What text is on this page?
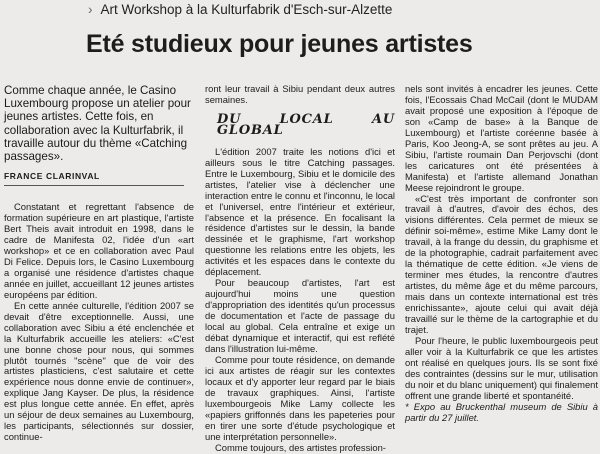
› Art Workshop à la Kulturfabrik d'Esch-sur-Alzette
Eté studieux pour jeunes artistes

Comme chaque année, le Casino Luxembourg propose un atelier pour jeunes artistes. Cette fois, en collaboration avec la Kulturfabrik, il travaille autour du thème «Catching passages».

FRANCE CLARINVAL

Constatant et regrettant l'absence de formation supérieure en art plastique, l'artiste Bert Theis avait introduit en 1998, dans le cadre de Manifesta 02, l'idée d'un «art workshop» et ce en collaboration avec Paul Di Felice. Depuis lors, le Casino Luxembourg a organisé une résidence d'artistes chaque année en juillet, accueillant 12 jeunes artistes européens par édition.

En cette année culturelle, l'édition 2007 se devait d'être exceptionnelle. Aussi, une collaboration avec Sibiu a été enclenchée et la Kulturfabrik accueille les ateliers: «C'est une bonne chose pour nous, qui sommes plutôt tournés "scène" que de voir des artistes plasticiens, c'est salutaire et cette expérience nous donne envie de continuer», explique Jang Kayser. De plus, la résidence est plus longue cette année. En effet, après un séjour de deux semaines au Luxembourg, les participants, sélectionnés sur dossier, continue-

ront leur travail à Sibiu pendant deux autres semaines.

DU LOCAL AU GLOBAL

L'édition 2007 traite les notions d'ici et ailleurs sous le titre Catching passages. Entre le Luxembourg, Sibiu et le domicile des artistes, l'atelier vise à déclencher une interaction entre le connu et l'inconnu, le local et l'universel, entre l'intérieur et extérieur, l'absence et la présence. En focalisant la résidence d'artistes sur le dessin, la bande dessinée et le graphisme, l'art workshop questionne les relations entre les objets, les activités et les espaces dans le contexte du déplacement.

Pour beaucoup d'artistes, l'art est aujourd'hui moins une question d'appropriation des identités qu'un processus de documentation et l'acte de passage du local au global. Cela entraîne et exige un débat dynamique et interactif, qui est reflété dans l'illustration lui-même.

Comme pour toute résidence, on demande ici aux artistes de réagir sur les contextes locaux et d'y apporter leur regard par le biais de travaux graphiques. Ainsi, l'artiste luxembourgeois Mike Lamy collecte les «papiers griffonnés dans les papeteries pour en tirer une sorte d'étude psychologique et une interprétation personnelle».

Comme toujours, des artistes profession-

nels sont invités à encadrer les jeunes. Cette fois, l'Ecossais Chad McCail (dont le MUDAM avait proposé une exposition à l'époque de son «Camp de base» à la Banque de Luxembourg) et l'artiste coréenne basée à Paris, Koo Jeong-A, se sont prêtes au jeu. A Sibiu, l'artiste roumain Dan Perjovschi (dont les caricatures ont été présentées à Manifesta) et l'artiste allemand Jonathan Meese rejoindront le groupe.

«C'est très important de confronter son travail à d'autres, d'avoir des échos, des visions différentes. Cela permet de mieux se définir soi-même», estime Mike Lamy dont le travail, à la frange du dessin, du graphisme et de la photographie, cadrait parfaitement avec la thématique de cette édition. «Je viens de terminer mes études, la rencontre d'autres artistes, du même âge et du même parcours, mais dans un contexte international est très enrichissante», ajoute celui qui avait déjà travaillé sur le thème de la cartographie et du trajet.

Pour l'heure, le public luxembourgeois peut aller voir à la Kulturfabrik ce que les artistes ont réalisé en quelques jours. Ils se sont fixé des contraintes (dessins sur le mur, utilisation du noir et du blanc uniquement) qui finalement offrent une grande liberté et spontanéité.

* Expo au Bruckenthal museum de Sibiu à partir du 27 juillet.
